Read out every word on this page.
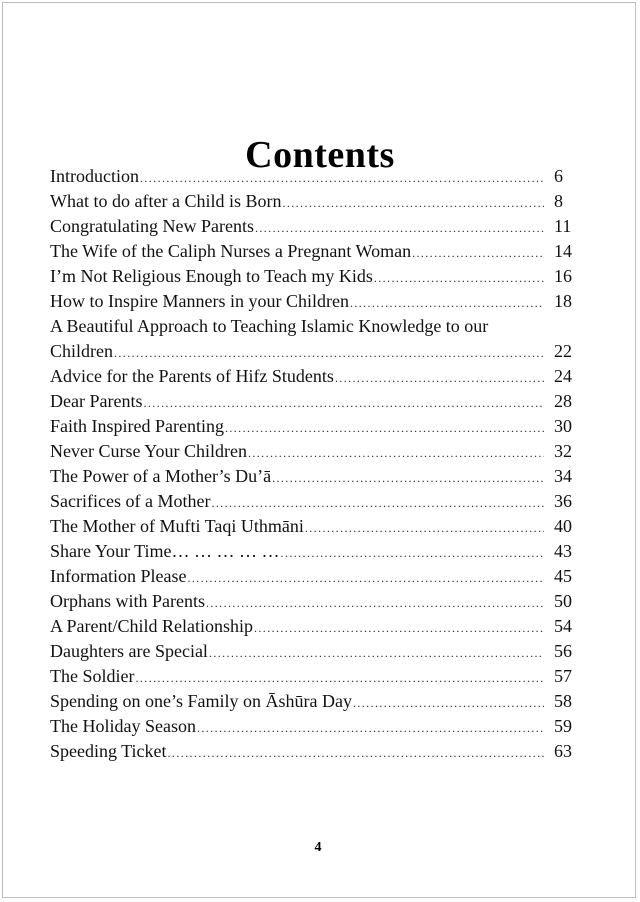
Contents
Introduction .....	6
What to do after a Child is Born .....	8
Congratulating New Parents .....	11
The Wife of the Caliph Nurses a Pregnant Woman .....	14
I’m Not Religious Enough to Teach my Kids .....	16
How to Inspire Manners in your Children .....	18
A Beautiful Approach to Teaching Islamic Knowledge to our
Children .....	22
Advice for the Parents of Hifz Students .....	24
Dear Parents .....	28
Faith Inspired Parenting .....	30
Never Curse Your Children .....	32
The Power of a Mother’s Du’ā .....	34
Sacrifices of a Mother .....	36
The Mother of Mufti Taqi Uthmāni .....	40
Share Your Time… … … … … .....	43
Information Please .....	45
Orphans with Parents .....	50
A Parent/Child Relationship .....	54
Daughters are Special .....	56
The Soldier .....	57
Spending on one’s Family on Āshūra Day .....	58
The Holiday Season .....	59
Speeding Ticket .....	63
4
